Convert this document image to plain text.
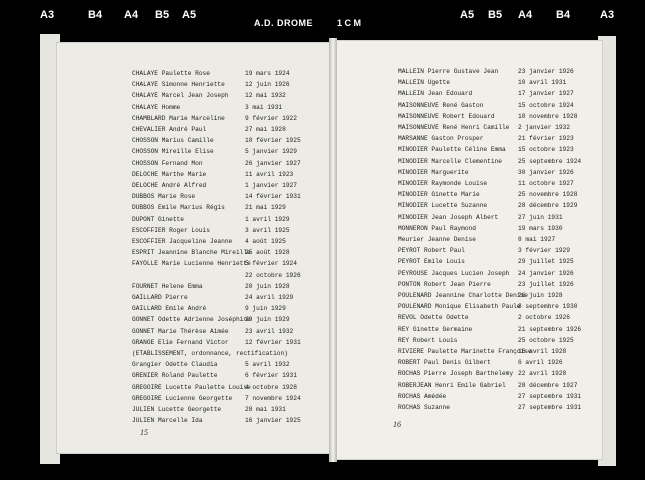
A3	B4 A4 B5 A5
A.D. DROME	1 C M
A5 B5 A4 B4	A3
CHALAYE Paulette Rose	19 mars 1924
CHALAYE Simonne Henriette	12 juin 1926
CHALAYE Marcel Jean Joseph	12 mai 1932
CHALAYE Homme	3 mai 1931
CHAMBLARD Marie Marceline	9 février 1922
CHEVALIER André Paul	27 mai 1928
CHOSSON Marius Camille	10 février 1925
CHOSSON Mireille Elise	5 janvier 1929
CHOSSON Fernand Mon	26 janvier 1927
DELOCHE Marthe Marie	11 avril 1923
DELOCHE André Alfred	1 janvier 1927
DUBBOS Marie Rose	14 février 1931
DUBBOS Emile Marius Régis	21 mai 1929
DUPONT Ginette	1 avril 1929
ESCOFFIER Roger Louis	3 avril 1925
ESCOFFIER Jacqueline Jeanne 4 août 1925
ESPRIT Jeannine Blanche Mireille
25 août 1928
FAYOLLE Marie Lucienne Henriette
5 février 1924
22 octobre 1926
FOURNET Helene Emma	20 juin 1928
GAILLARD Pierre	24 avril 1929
GAILLARD Emile André	9 juin 1929
GONNET Odette Adrienne Joséphine
29 juin 1929
GONNET Marie Thérèse Aimée	23 avril 1932
GRANGE Elie Fernand Victor	12 février 1931
(ETABLISSEMENT, ordonnance, rectification)
Grangier Odette Claudia	5 avril 1932
GRENIER Roland Paulette	6 février 1931
GREGOIRE Lucette Paulette Louise
4 octobre 1928
GREGOIRE Lucienne Georgette 7 novembre 1924
JULIEN Lucette Georgette	28 mai 1931
JULIEN Marcelle Ida	16 janvier 1925
MALLEIN Pierre Gustave Jean	23 janvier 1926
MALLEIN Ugette	10 avril 1931
MALLEIN Jean Edouard	17 janvier 1927
MAISONNEUVE René Gaston	15 octobre 1924
MAISONNEUVE Robert Edouard	10 novembre 1928
MAISONNEUVE René Henri Camille 2 janvier 1932
MARSANNE Gaston Prosper	21 février 1923
MINODIER Paulette Céline Emma 15 octobre 1923
MINODIER Marcelle Clementine	25 septembre 1924
MINODIER Marguerite	30 janvier 1926
MINODIER Raymonde Louise	11 octobre 1927
MINODIER Ginette Marie	25 novembre 1928
MINODIER Lucette Suzanne	28 décembre 1929
MINODIER Jean Joseph Albert	27 juin 1931
MONNERON Paul Raymond	19 mars 1930
Meurier Jeanne Denise	8 mai 1927
PEYROT Robert Paul	3 février 1929
PEYROT Emile Louis	29 juillet 1925
PEYROUSE Jacques Lucien Joseph 24 janvier 1926
PONTON Robert Jean Pierre	23 juillet 1926
POULENARD Jeannine Charlotte Denise
26 juin 1928
POULENARD Monique Elisabeth Paule
8 septembre 1930
REVOL Odette Odette	2 octobre 1926
REY Ginette Germaine	21 septembre 1926
REY Robert Louis	25 octobre 1925
RIVIERE Paulette Marinette Françoise
16 avril 1928
ROBERT Paul Denis Gilbert	6 avril 1926
ROCHAS Pierre Joseph Barthelemy 22 avril 1928
ROBERJEAN Henri Emile Gabriel 28 décembre 1927
ROCHAS Amédée	27 septembre 1931
ROCHAS Suzanne	27 septembre 1931
15
16
